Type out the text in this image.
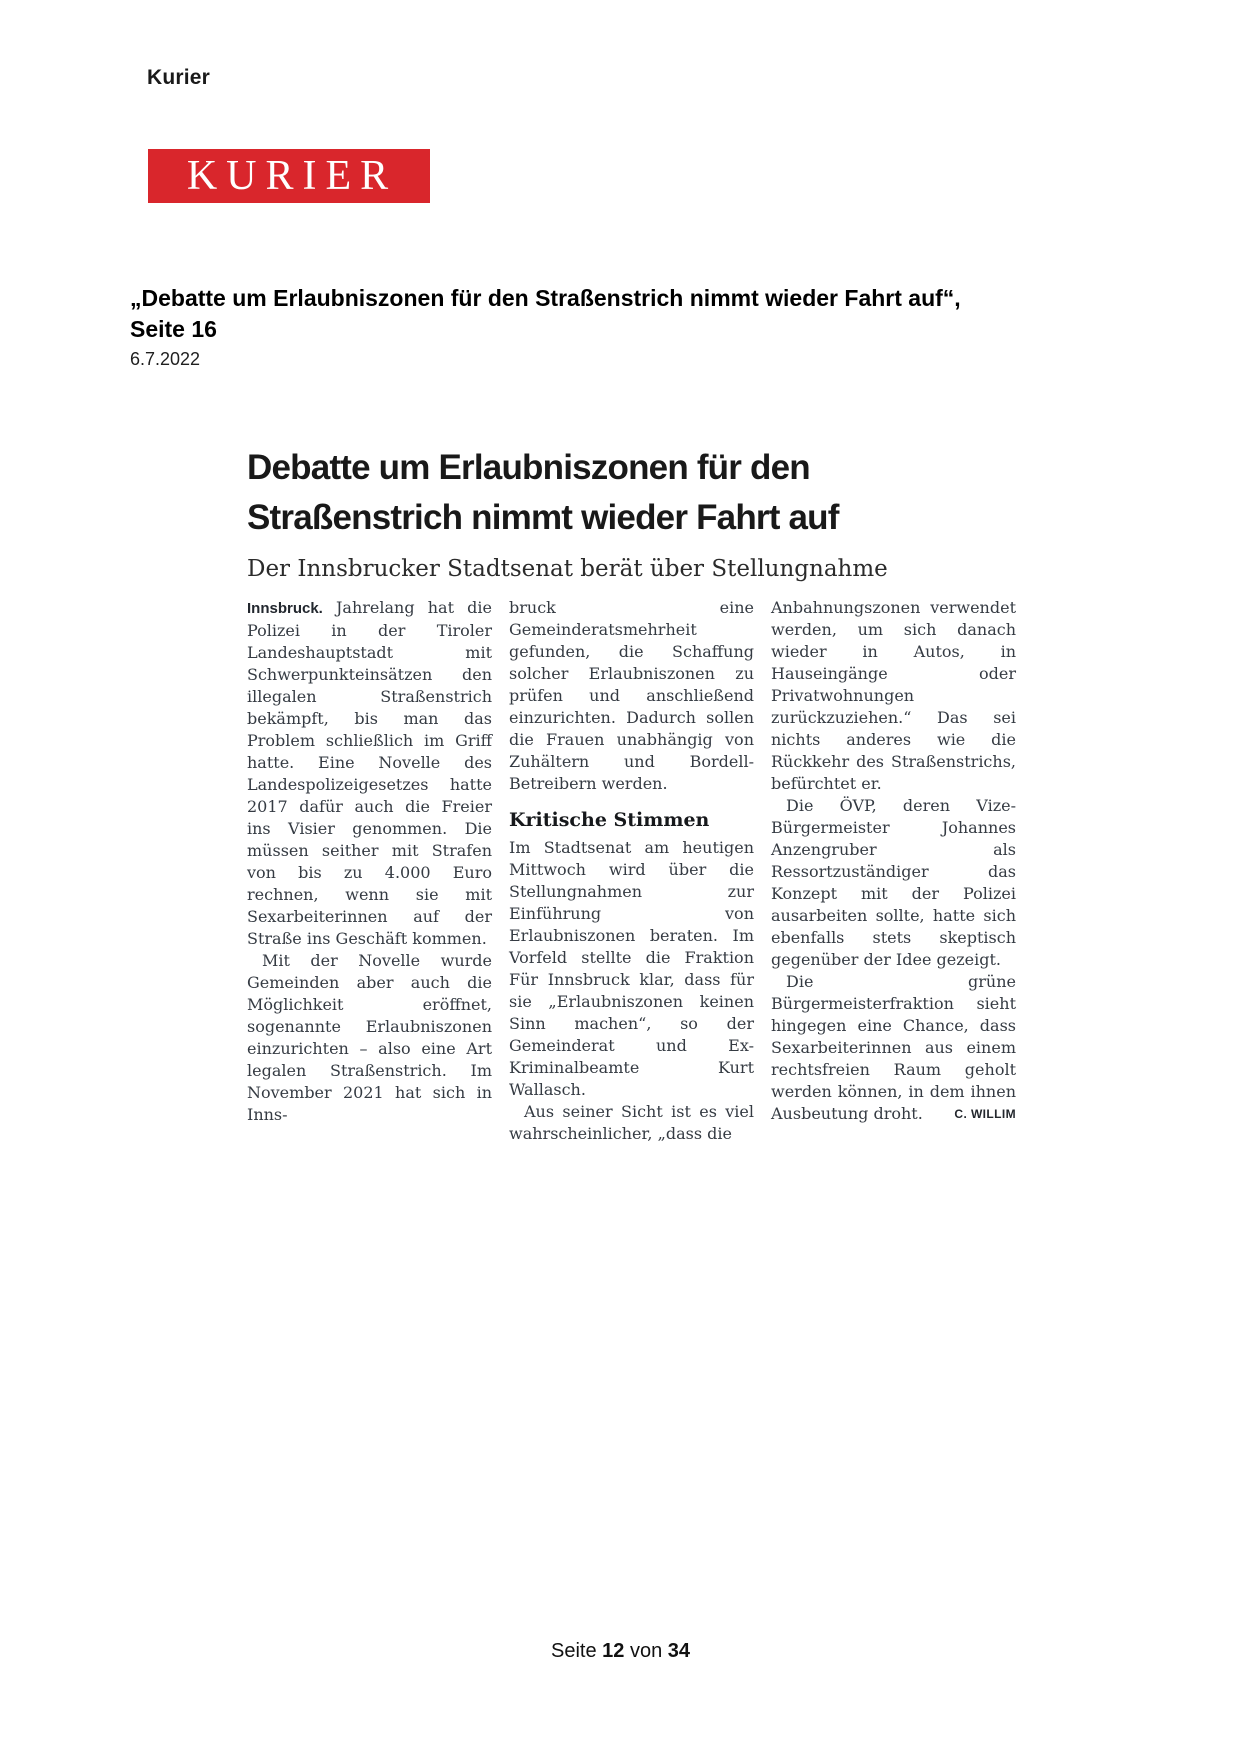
Kurier
KURIER
„Debatte um Erlaubniszonen für den Straßenstrich nimmt wieder Fahrt auf“, Seite 16
6.7.2022
Debatte um Erlaubniszonen für den
Straßenstrich nimmt wieder Fahrt auf
Der Innsbrucker Stadtsenat berät über Stellungnahme

Innsbruck. Jahrelang hat die Polizei in der Tiroler Landeshauptstadt mit Schwerpunkteinsätzen den illegalen Straßenstrich bekämpft, bis man das Problem schließlich im Griff hatte. Eine Novelle des Landespolizeigesetzes hatte 2017 dafür auch die Freier ins Visier genommen. Die müssen seither mit Strafen von bis zu 4.000 Euro rechnen, wenn sie mit Sexarbeiterinnen auf der Straße ins Geschäft kommen.

Mit der Novelle wurde Gemeinden aber auch die Möglichkeit eröffnet, sogenannte Erlaubniszonen einzurichten – also eine Art legalen Straßenstrich. Im November 2021 hat sich in Inns-

bruck eine Gemeinderatsmehrheit gefunden, die Schaffung solcher Erlaubniszonen zu prüfen und anschließend einzurichten. Dadurch sollen die Frauen unabhängig von Zuhältern und Bordell-Betreibern werden.

Kritische Stimmen

Im Stadtsenat am heutigen Mittwoch wird über die Stellungnahmen zur Einführung von Erlaubniszonen beraten. Im Vorfeld stellte die Fraktion Für Innsbruck klar, dass für sie „Erlaubniszonen keinen Sinn machen“, so der Gemeinderat und Ex-Kriminalbeamte Kurt Wallasch.

Aus seiner Sicht ist es viel wahrscheinlicher, „dass die

Anbahnungszonen verwendet werden, um sich danach wieder in Autos, in Hauseingänge oder Privatwohnungen zurückzuziehen.“ Das sei nichts anderes wie die Rückkehr des Straßenstrichs, befürchtet er.

Die ÖVP, deren Vize-Bürgermeister Johannes Anzengruber als Ressortzuständiger das Konzept mit der Polizei ausarbeiten sollte, hatte sich ebenfalls stets skeptisch gegenüber der Idee gezeigt.

Die grüne Bürgermeisterfraktion sieht hingegen eine Chance, dass Sexarbeiterinnen aus einem rechtsfreien Raum geholt werden können, in dem ihnen Ausbeutung droht.	C. WILLIM
Seite 12 von 34
